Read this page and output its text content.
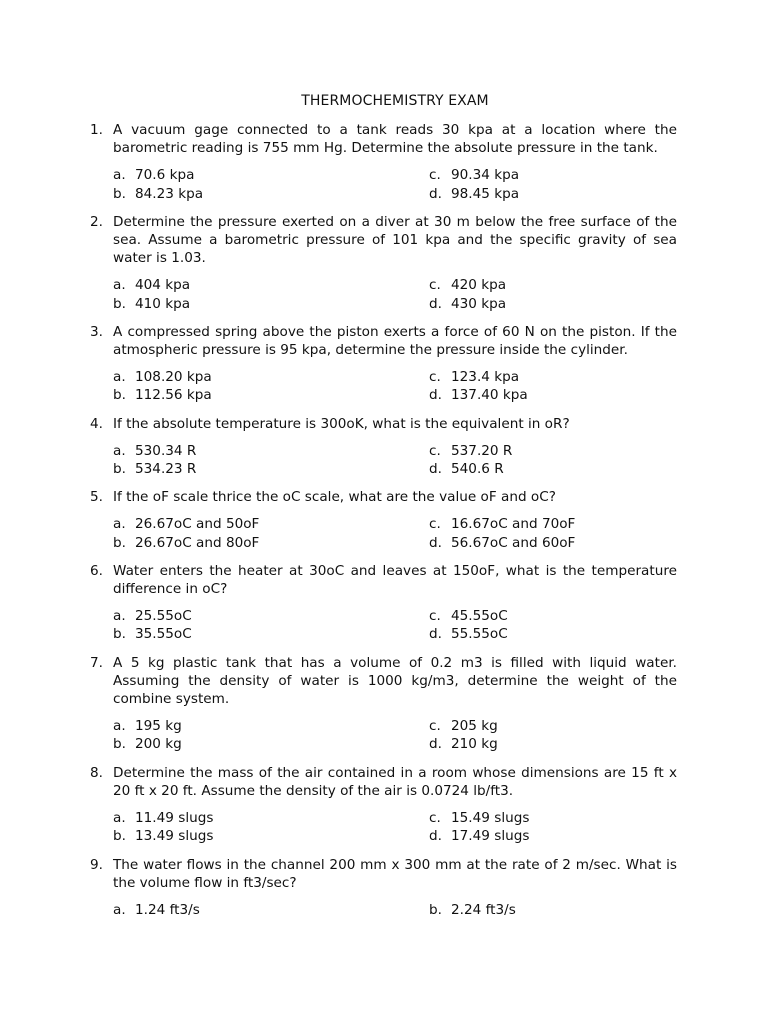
THERMOCHEMISTRY EXAM
1. A vacuum gage connected to a tank reads 30 kpa at a location where the barometric reading is 755 mm Hg. Determine the absolute pressure in the tank.
a. 70.6 kpa	c. 90.34 kpa
b. 84.23 kpa	d. 98.45 kpa
2. Determine the pressure exerted on a diver at 30 m below the free surface of the sea. Assume a barometric pressure of 101 kpa and the specific gravity of sea water is 1.03.
a. 404 kpa	c. 420 kpa
b. 410 kpa	d. 430 kpa
3. A compressed spring above the piston exerts a force of 60 N on the piston. If the atmospheric pressure is 95 kpa, determine the pressure inside the cylinder.
a. 108.20 kpa	c. 123.4 kpa
b. 112.56 kpa	d. 137.40 kpa
4. If the absolute temperature is 300oK, what is the equivalent in oR?
a. 530.34 R	c. 537.20 R
b. 534.23 R	d. 540.6 R
5. If the oF scale thrice the oC scale, what are the value oF and oC?
a. 26.67oC and 50oF	c. 16.67oC and 70oF
b. 26.67oC and 80oF	d. 56.67oC and 60oF
6. Water enters the heater at 30oC and leaves at 150oF, what is the temperature difference in oC?
a. 25.55oC	c. 45.55oC
b. 35.55oC	d. 55.55oC
7. A 5 kg plastic tank that has a volume of 0.2 m3 is filled with liquid water. Assuming the density of water is 1000 kg/m3, determine the weight of the combine system.
a. 195 kg	c. 205 kg
b. 200 kg	d. 210 kg
8. Determine the mass of the air contained in a room whose dimensions are 15 ft x 20 ft x 20 ft. Assume the density of the air is 0.0724 lb/ft3.
a. 11.49 slugs	c. 15.49 slugs
b. 13.49 slugs	d. 17.49 slugs
9. The water flows in the channel 200 mm x 300 mm at the rate of 2 m/sec. What is the volume flow in ft3/sec?
a. 1.24 ft3/s	b. 2.24 ft3/s
